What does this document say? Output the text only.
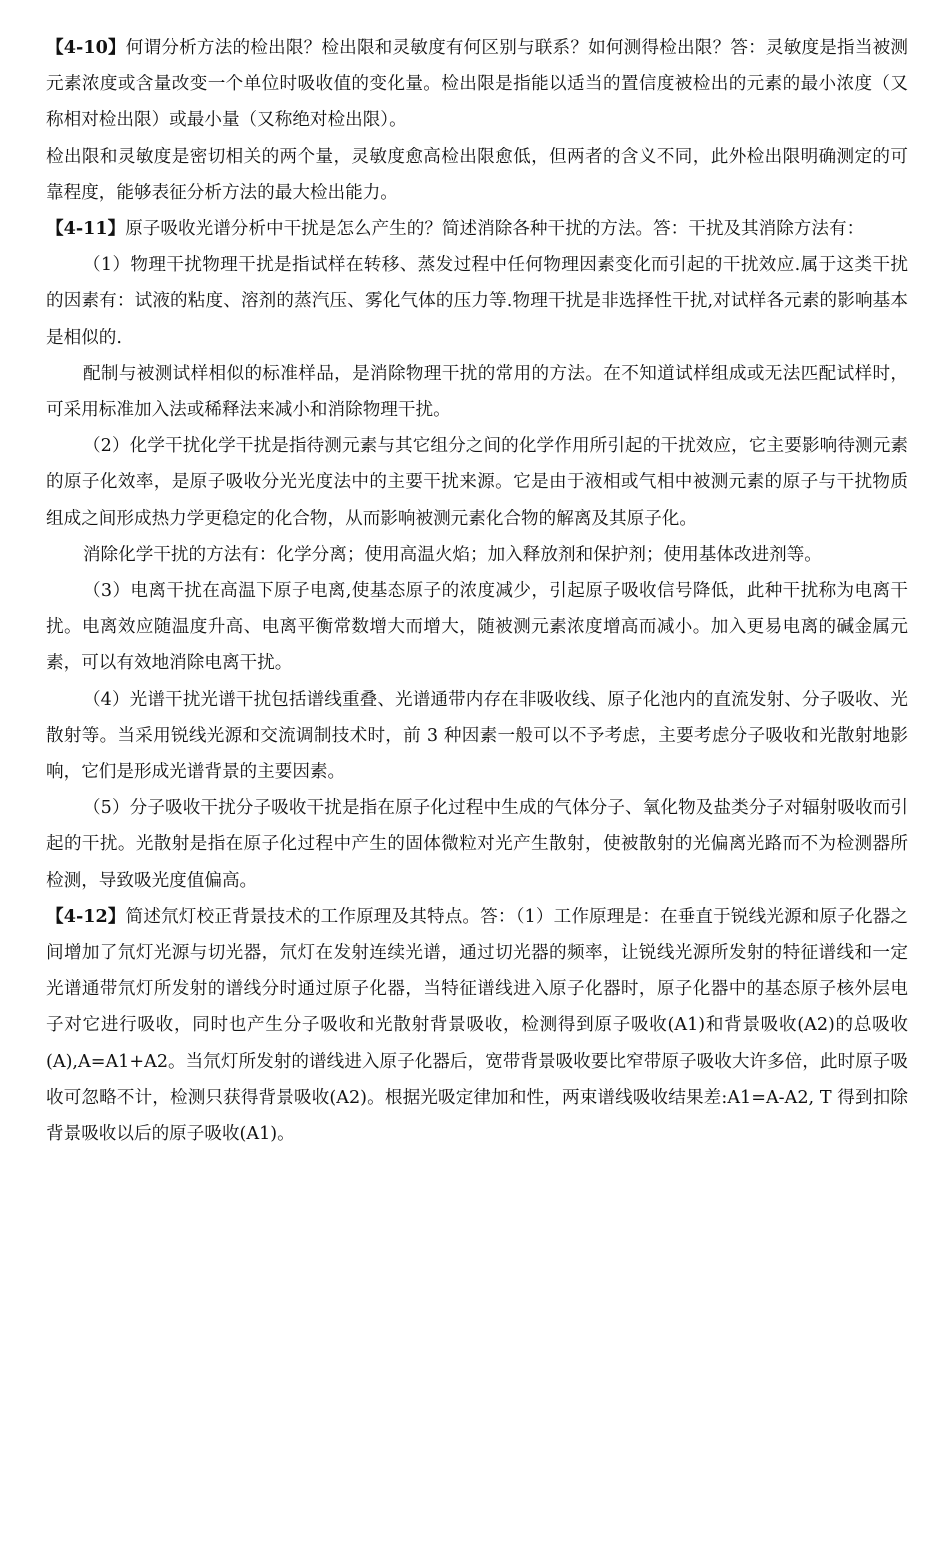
【4-10】何谓分析方法的检出限？检出限和灵敏度有何区别与联系？如何测得检出限？答：灵敏度是指当被测元素浓度或含量改变一个单位时吸收值的变化量。检出限是指能以适当的置信度被检出的元素的最小浓度（又称相对检出限）或最小量（又称绝对检出限）。

检出限和灵敏度是密切相关的两个量，灵敏度愈高检出限愈低，但两者的含义不同，此外检出限明确测定的可靠程度，能够表征分析方法的最大检出能力。

【4-11】原子吸收光谱分析中干扰是怎么产生的？简述消除各种干扰的方法。答：干扰及其消除方法有：

（1）物理干扰物理干扰是指试样在转移、蒸发过程中任何物理因素变化而引起的干扰效应.属于这类干扰的因素有：试液的粘度、溶剂的蒸汽压、雾化气体的压力等.物理干扰是非选择性干扰,对试样各元素的影响基本是相似的.

配制与被测试样相似的标准样品，是消除物理干扰的常用的方法。在不知道试样组成或无法匹配试样时，可采用标准加入法或稀释法来减小和消除物理干扰。

（2）化学干扰化学干扰是指待测元素与其它组分之间的化学作用所引起的干扰效应，它主要影响待测元素的原子化效率，是原子吸收分光光度法中的主要干扰来源。它是由于液相或气相中被测元素的原子与干扰物质组成之间形成热力学更稳定的化合物，从而影响被测元素化合物的解离及其原子化。

消除化学干扰的方法有：化学分离；使用高温火焰；加入释放剂和保护剂；使用基体改进剂等。

（3）电离干扰在高温下原子电离,使基态原子的浓度减少，引起原子吸收信号降低，此种干扰称为电离干扰。电离效应随温度升高、电离平衡常数增大而增大，随被测元素浓度增高而减小。加入更易电离的碱金属元素，可以有效地消除电离干扰。

（4）光谱干扰光谱干扰包括谱线重叠、光谱通带内存在非吸收线、原子化池内的直流发射、分子吸收、光散射等。当采用锐线光源和交流调制技术时，前 3 种因素一般可以不予考虑，主要考虑分子吸收和光散射地影响，它们是形成光谱背景的主要因素。

（5）分子吸收干扰分子吸收干扰是指在原子化过程中生成的气体分子、氧化物及盐类分子对辐射吸收而引起的干扰。光散射是指在原子化过程中产生的固体微粒对光产生散射，使被散射的光偏离光路而不为检测器所检测，导致吸光度值偏高。

【4-12】简述氘灯校正背景技术的工作原理及其特点。答：（1）工作原理是：在垂直于锐线光源和原子化器之间增加了氘灯光源与切光器，氘灯在发射连续光谱，通过切光器的频率，让锐线光源所发射的特征谱线和一定光谱通带氘灯所发射的谱线分时通过原子化器，当特征谱线进入原子化器时，原子化器中的基态原子核外层电子对它进行吸收，同时也产生分子吸收和光散射背景吸收，检测得到原子吸收(A1)和背景吸收(A2)的总吸收(A),A=A1+A2。当氘灯所发射的谱线进入原子化器后，宽带背景吸收要比窄带原子吸收大许多倍，此时原子吸收可忽略不计，检测只获得背景吸收(A2)。根据光吸定律加和性，两束谱线吸收结果差:A1=A-A2, T 得到扣除背景吸收以后的原子吸收(A1)。
